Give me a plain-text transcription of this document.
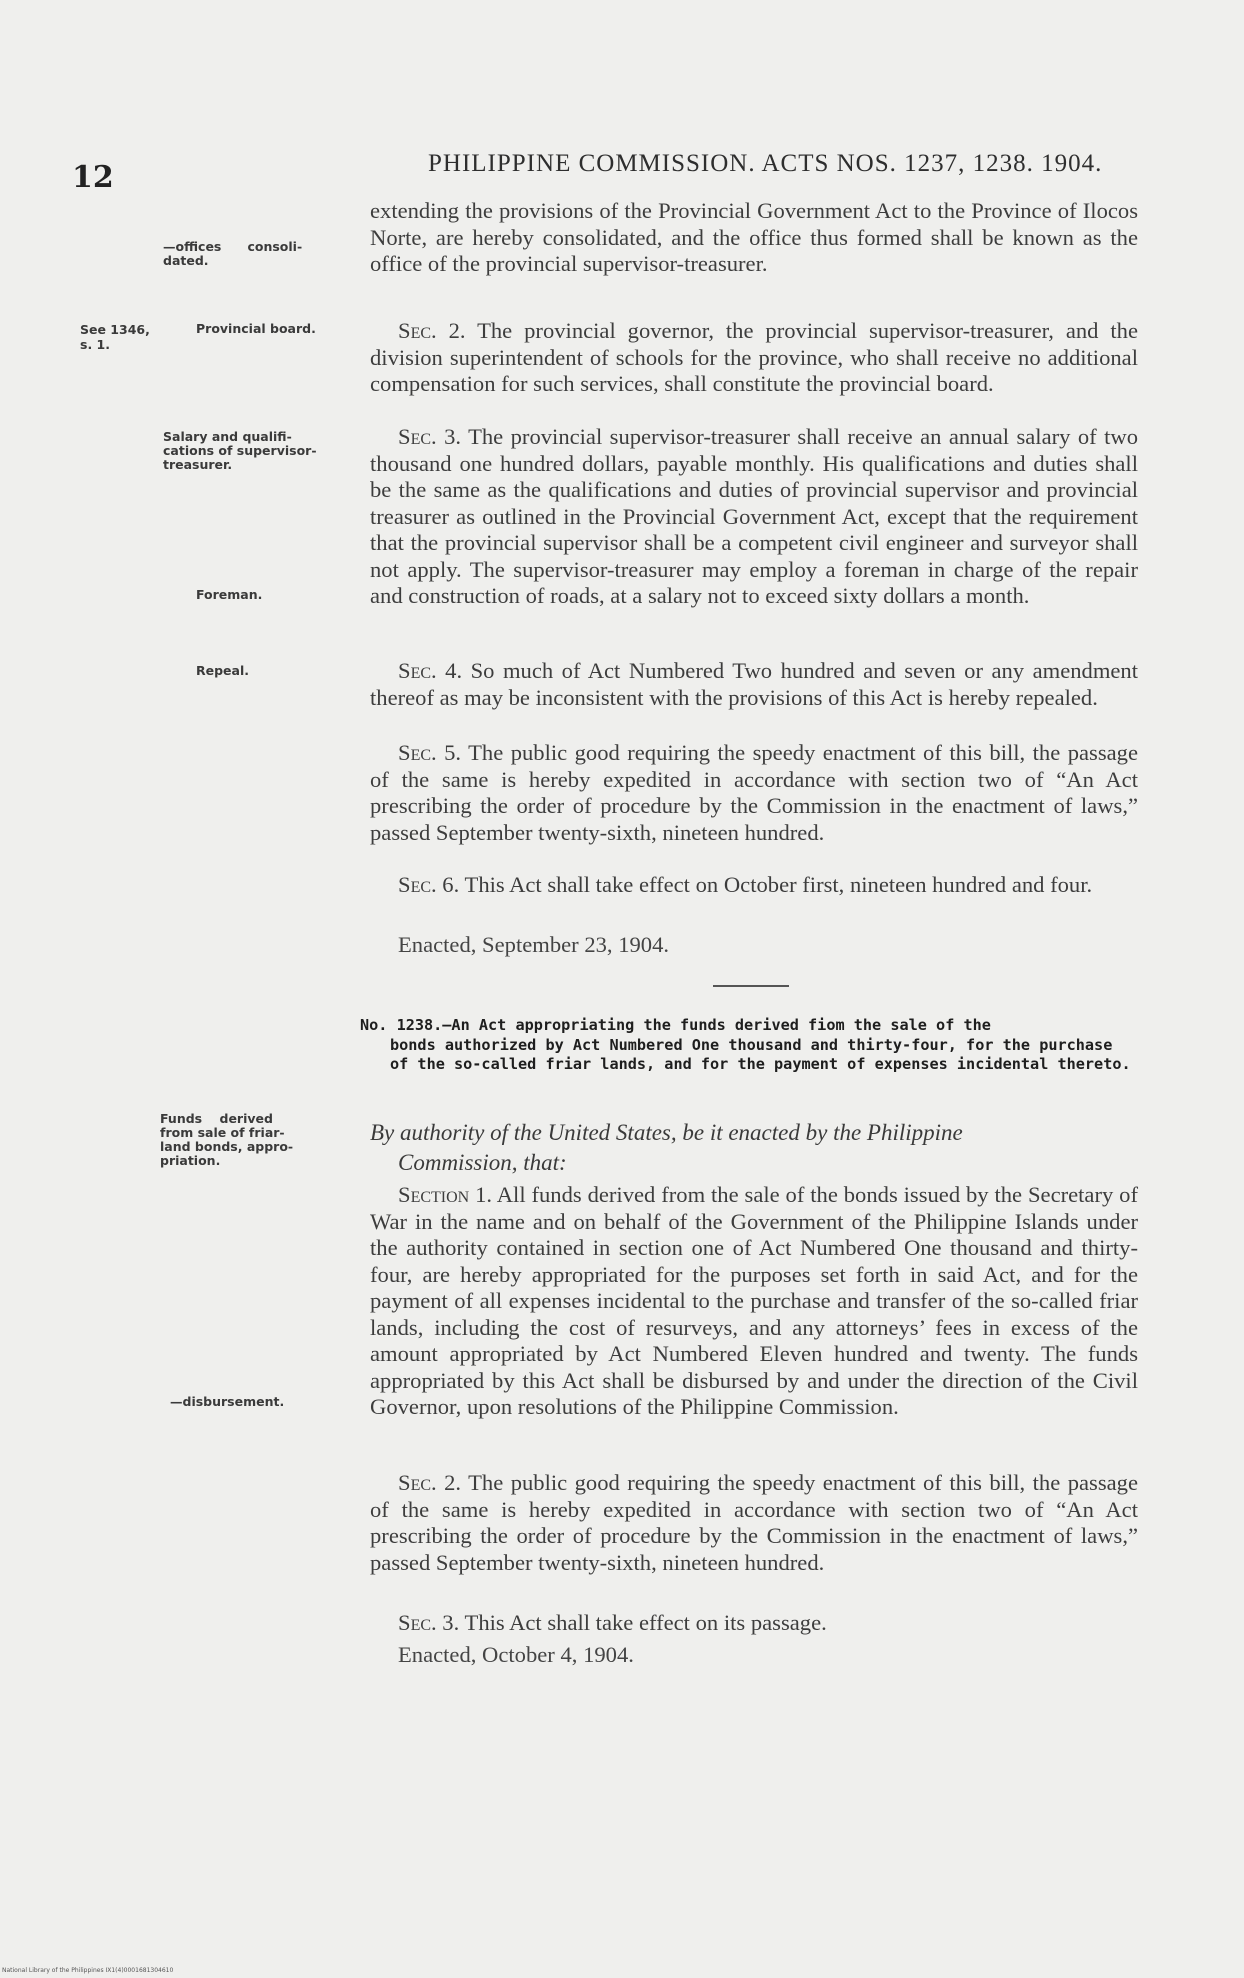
12	PHILIPPINE COMMISSION. ACTS NOS. 1237, 1238. 1904.
See 1346,
s. 1.
—offices      consoli-
dated.
Provincial board.
Salary and qualifi-
cations of supervisor-
treasurer.
Foreman.
Repeal.
Funds    derived
from sale of friar-
land bonds, appro-
priation.
—disbursement.
extending the provisions of the Provincial Government Act to the Province of Ilocos Norte, are hereby consolidated, and the office thus formed shall be known as the office of the provincial supervisor-treasurer.
Sec. 2. The provincial governor, the provincial supervisor-treasurer, and the division superintendent of schools for the province, who shall receive no additional compensation for such services, shall constitute the provincial board.
Sec. 3. The provincial supervisor-treasurer shall receive an annual salary of two thousand one hundred dollars, payable monthly. His qualifications and duties shall be the same as the qualifications and duties of provincial supervisor and provincial treasurer as outlined in the Provincial Government Act, except that the requirement that the provincial supervisor shall be a competent civil engineer and surveyor shall not apply. The supervisor-treasurer may employ a foreman in charge of the repair and construction of roads, at a salary not to exceed sixty dollars a month.
Sec. 4. So much of Act Numbered Two hundred and seven or any amendment thereof as may be inconsistent with the provisions of this Act is hereby repealed.
Sec. 5. The public good requiring the speedy enactment of this bill, the passage of the same is hereby expedited in accordance with section two of “An Act prescribing the order of procedure by the Commission in the enactment of laws,” passed September twenty-sixth, nineteen hundred.
Sec. 6. This Act shall take effect on October first, nineteen hundred and four.
Enacted, September 23, 1904.
No. 1238.—An Act appropriating the funds derived fiom the sale of the
bonds authorized by Act Numbered One thousand and thirty-four, for the purchase of the so-called friar lands, and for the payment of expenses incidental thereto.
By authority of the United States, be it enacted by the Philippine
Commission, that:
Section 1. All funds derived from the sale of the bonds issued by the Secretary of War in the name and on behalf of the Government of the Philippine Islands under the authority contained in section one of Act Numbered One thousand and thirty-four, are hereby appropriated for the purposes set forth in said Act, and for the payment of all expenses incidental to the purchase and transfer of the so-called friar lands, including the cost of resurveys, and any attorneys’ fees in excess of the amount appropriated by Act Numbered Eleven hundred and twenty. The funds appropriated by this Act shall be disbursed by and under the direction of the Civil Governor, upon resolutions of the Philippine Commission.
Sec. 2. The public good requiring the speedy enactment of this bill, the passage of the same is hereby expedited in accordance with section two of “An Act prescribing the order of procedure by the Commission in the enactment of laws,” passed September twenty-sixth, nineteen hundred.
Sec. 3. This Act shall take effect on its passage.
Enacted, October 4, 1904.
National Library of the Philippines IX1(4)0001681304610
